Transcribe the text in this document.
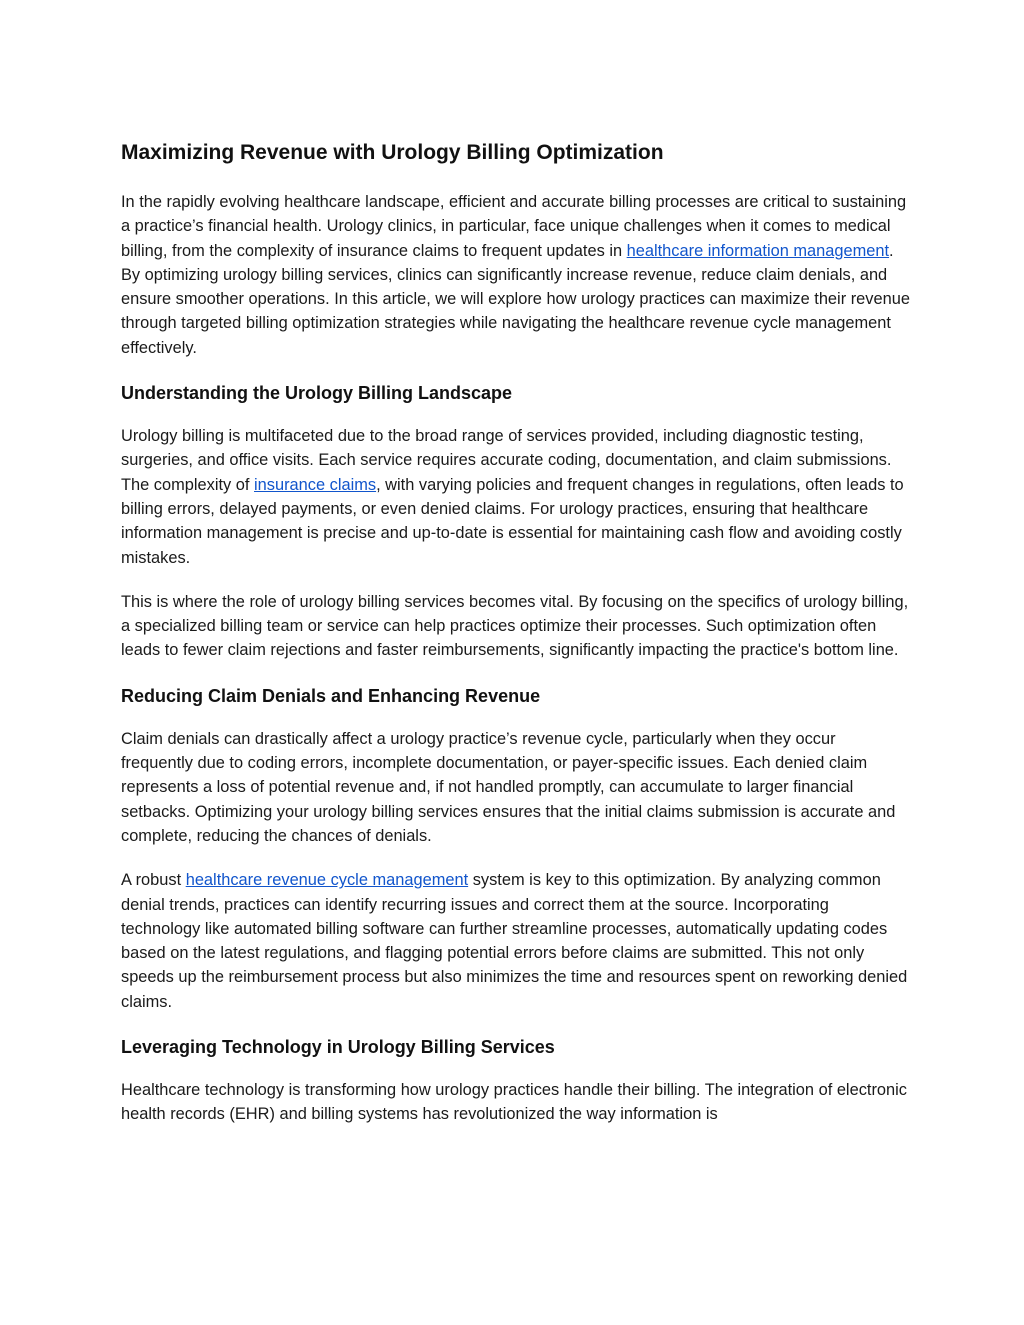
Maximizing Revenue with Urology Billing Optimization

In the rapidly evolving healthcare landscape, efficient and accurate billing processes are critical to sustaining a practice’s financial health. Urology clinics, in particular, face unique challenges when it comes to medical billing, from the complexity of insurance claims to frequent updates in healthcare information management. By optimizing urology billing services, clinics can significantly increase revenue, reduce claim denials, and ensure smoother operations. In this article, we will explore how urology practices can maximize their revenue through targeted billing optimization strategies while navigating the healthcare revenue cycle management effectively.

Understanding the Urology Billing Landscape

Urology billing is multifaceted due to the broad range of services provided, including diagnostic testing, surgeries, and office visits. Each service requires accurate coding, documentation, and claim submissions. The complexity of insurance claims, with varying policies and frequent changes in regulations, often leads to billing errors, delayed payments, or even denied claims. For urology practices, ensuring that healthcare information management is precise and up-to-date is essential for maintaining cash flow and avoiding costly mistakes.

This is where the role of urology billing services becomes vital. By focusing on the specifics of urology billing, a specialized billing team or service can help practices optimize their processes. Such optimization often leads to fewer claim rejections and faster reimbursements, significantly impacting the practice's bottom line.

Reducing Claim Denials and Enhancing Revenue

Claim denials can drastically affect a urology practice’s revenue cycle, particularly when they occur frequently due to coding errors, incomplete documentation, or payer-specific issues. Each denied claim represents a loss of potential revenue and, if not handled promptly, can accumulate to larger financial setbacks. Optimizing your urology billing services ensures that the initial claims submission is accurate and complete, reducing the chances of denials.

A robust healthcare revenue cycle management system is key to this optimization. By analyzing common denial trends, practices can identify recurring issues and correct them at the source. Incorporating technology like automated billing software can further streamline processes, automatically updating codes based on the latest regulations, and flagging potential errors before claims are submitted. This not only speeds up the reimbursement process but also minimizes the time and resources spent on reworking denied claims.

Leveraging Technology in Urology Billing Services

Healthcare technology is transforming how urology practices handle their billing. The integration of electronic health records (EHR) and billing systems has revolutionized the way information is
